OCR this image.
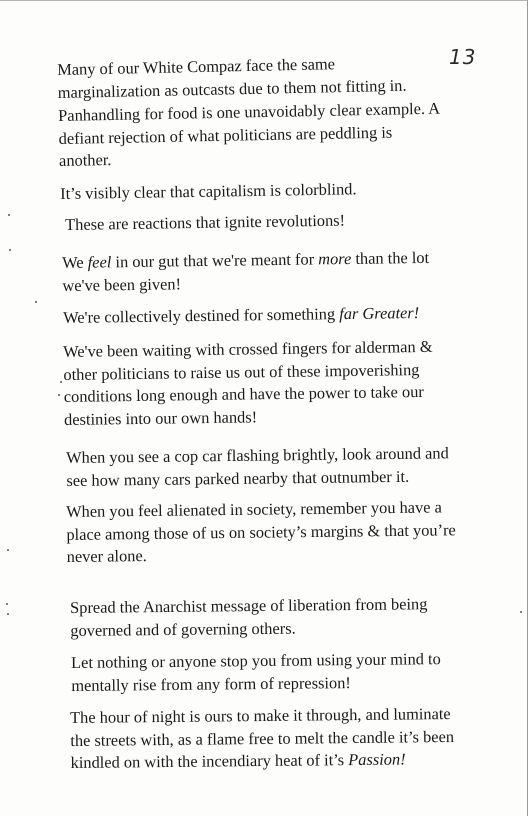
13
Many of our White Compaz face the same
marginalization as outcasts due to them not fitting in.
Panhandling for food is one unavoidably clear example. A
defiant rejection of what politicians are peddling is
another.
It’s visibly clear that capitalism is colorblind.
These are reactions that ignite revolutions!
We feel in our gut that we're meant for more than the lot
we've been given!
We're collectively destined for something far Greater!
We've been waiting with crossed fingers for alderman &
other politicians to raise us out of these impoverishing
conditions long enough and have the power to take our
destinies into our own hands!
When you see a cop car flashing brightly, look around and
see how many cars parked nearby that outnumber it.
When you feel alienated in society, remember you have a
place among those of us on society’s margins & that you’re
never alone.
Spread the Anarchist message of liberation from being
governed and of governing others.
Let nothing or anyone stop you from using your mind to
mentally rise from any form of repression!
The hour of night is ours to make it through, and luminate
the streets with, as a flame free to melt the candle it’s been
kindled on with the incendiary heat of it’s Passion!
